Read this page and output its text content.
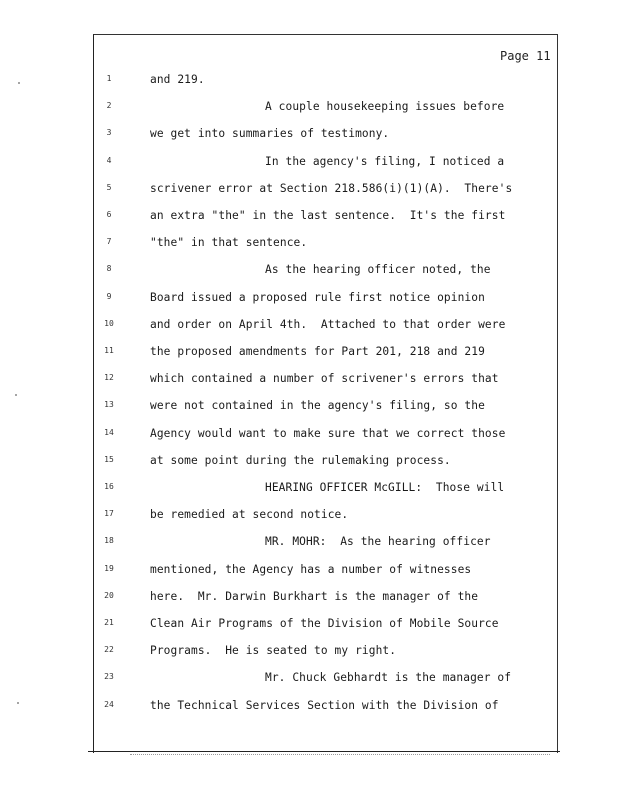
Page 11
1	and 219.
2	A couple housekeeping issues before
3	we get into summaries of testimony.
4	In the agency's filing, I noticed a
5	scrivener error at Section 218.586(i)(1)(A).  There's
6	an extra "the" in the last sentence.  It's the first
7	"the" in that sentence.
8	As the hearing officer noted, the
9	Board issued a proposed rule first notice opinion
10	and order on April 4th.  Attached to that order were
11	the proposed amendments for Part 201, 218 and 219
12	which contained a number of scrivener's errors that
13	were not contained in the agency's filing, so the
14	Agency would want to make sure that we correct those
15	at some point during the rulemaking process.
16	HEARING OFFICER McGILL:  Those will
17	be remedied at second notice.
18	MR. MOHR:  As the hearing officer
19	mentioned, the Agency has a number of witnesses
20	here.  Mr. Darwin Burkhart is the manager of the
21	Clean Air Programs of the Division of Mobile Source
22	Programs.  He is seated to my right.
23	Mr. Chuck Gebhardt is the manager of
24	the Technical Services Section with the Division of
